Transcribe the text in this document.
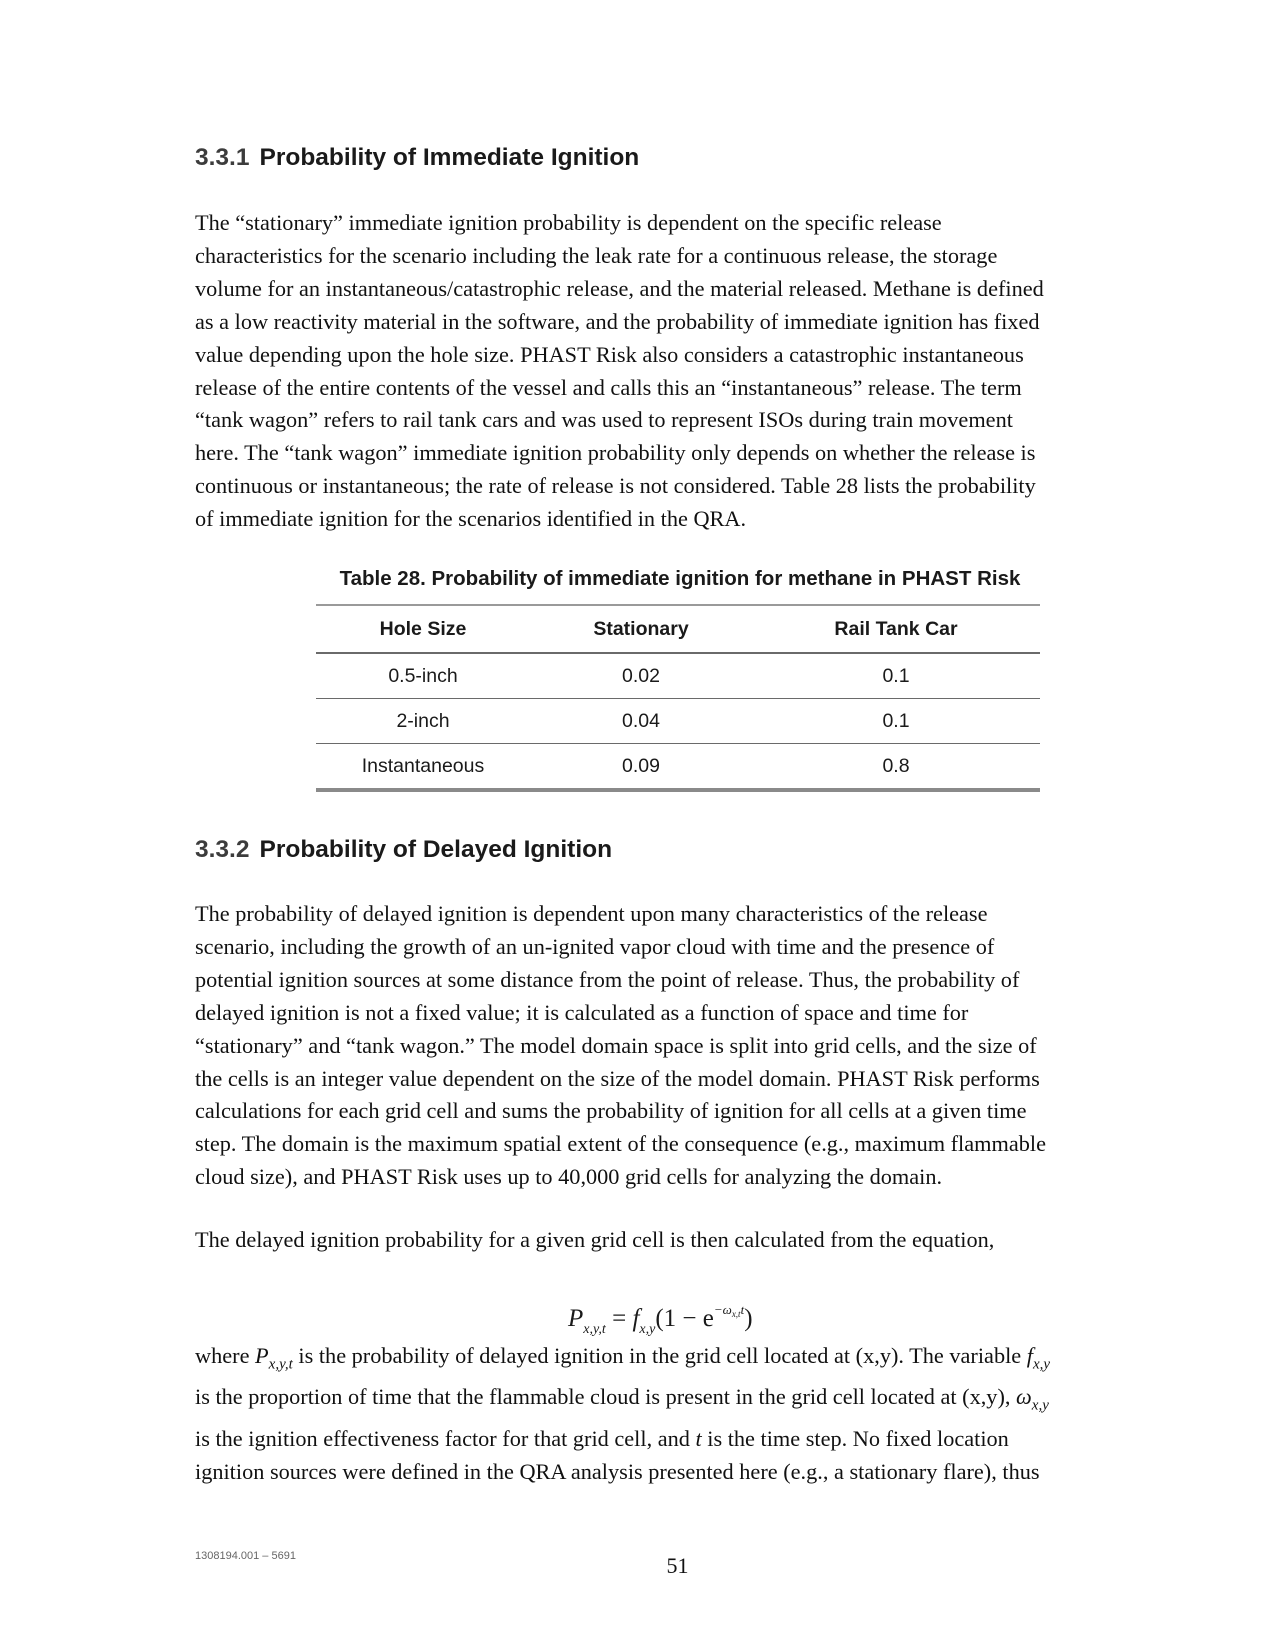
3.3.1 Probability of Immediate Ignition

The “stationary” immediate ignition probability is dependent on the specific release
characteristics for the scenario including the leak rate for a continuous release, the storage
volume for an instantaneous/catastrophic release, and the material released. Methane is defined
as a low reactivity material in the software, and the probability of immediate ignition has fixed
value depending upon the hole size. PHAST Risk also considers a catastrophic instantaneous
release of the entire contents of the vessel and calls this an “instantaneous” release. The term
“tank wagon” refers to rail tank cars and was used to represent ISOs during train movement
here. The “tank wagon” immediate ignition probability only depends on whether the release is
continuous or instantaneous; the rate of release is not considered. Table 28 lists the probability
of immediate ignition for the scenarios identified in the QRA.

Table 28. Probability of immediate ignition for methane in PHAST Risk

Hole Size	Stationary	Rail Tank Car
0.5-inch	0.02	0.1
2-inch	0.04	0.1
Instantaneous	0.09	0.8
3.3.2 Probability of Delayed Ignition

The probability of delayed ignition is dependent upon many characteristics of the release
scenario, including the growth of an un-ignited vapor cloud with time and the presence of
potential ignition sources at some distance from the point of release. Thus, the probability of
delayed ignition is not a fixed value; it is calculated as a function of space and time for
“stationary” and “tank wagon.” The model domain space is split into grid cells, and the size of
the cells is an integer value dependent on the size of the model domain. PHAST Risk performs
calculations for each grid cell and sums the probability of ignition for all cells at a given time
step. The domain is the maximum spatial extent of the consequence (e.g., maximum flammable
cloud size), and PHAST Risk uses up to 40,000 grid cells for analyzing the domain.

The delayed ignition probability for a given grid cell is then calculated from the equation,

$P_{x,y,t} = f_{x,y}(1 - e^{-\omega_{x,t}t})$

where $P_{x,y,t}$ is the probability of delayed ignition in the grid cell located at (x,y). The variable $f_{x,y}$
is the proportion of time that the flammable cloud is present in the grid cell located at (x,y), $\omega_{x,y}$
is the ignition effectiveness factor for that grid cell, and t is the time step. No fixed location
ignition sources were defined in the QRA analysis presented here (e.g., a stationary flare), thus

1308194.001 – 5691	51
